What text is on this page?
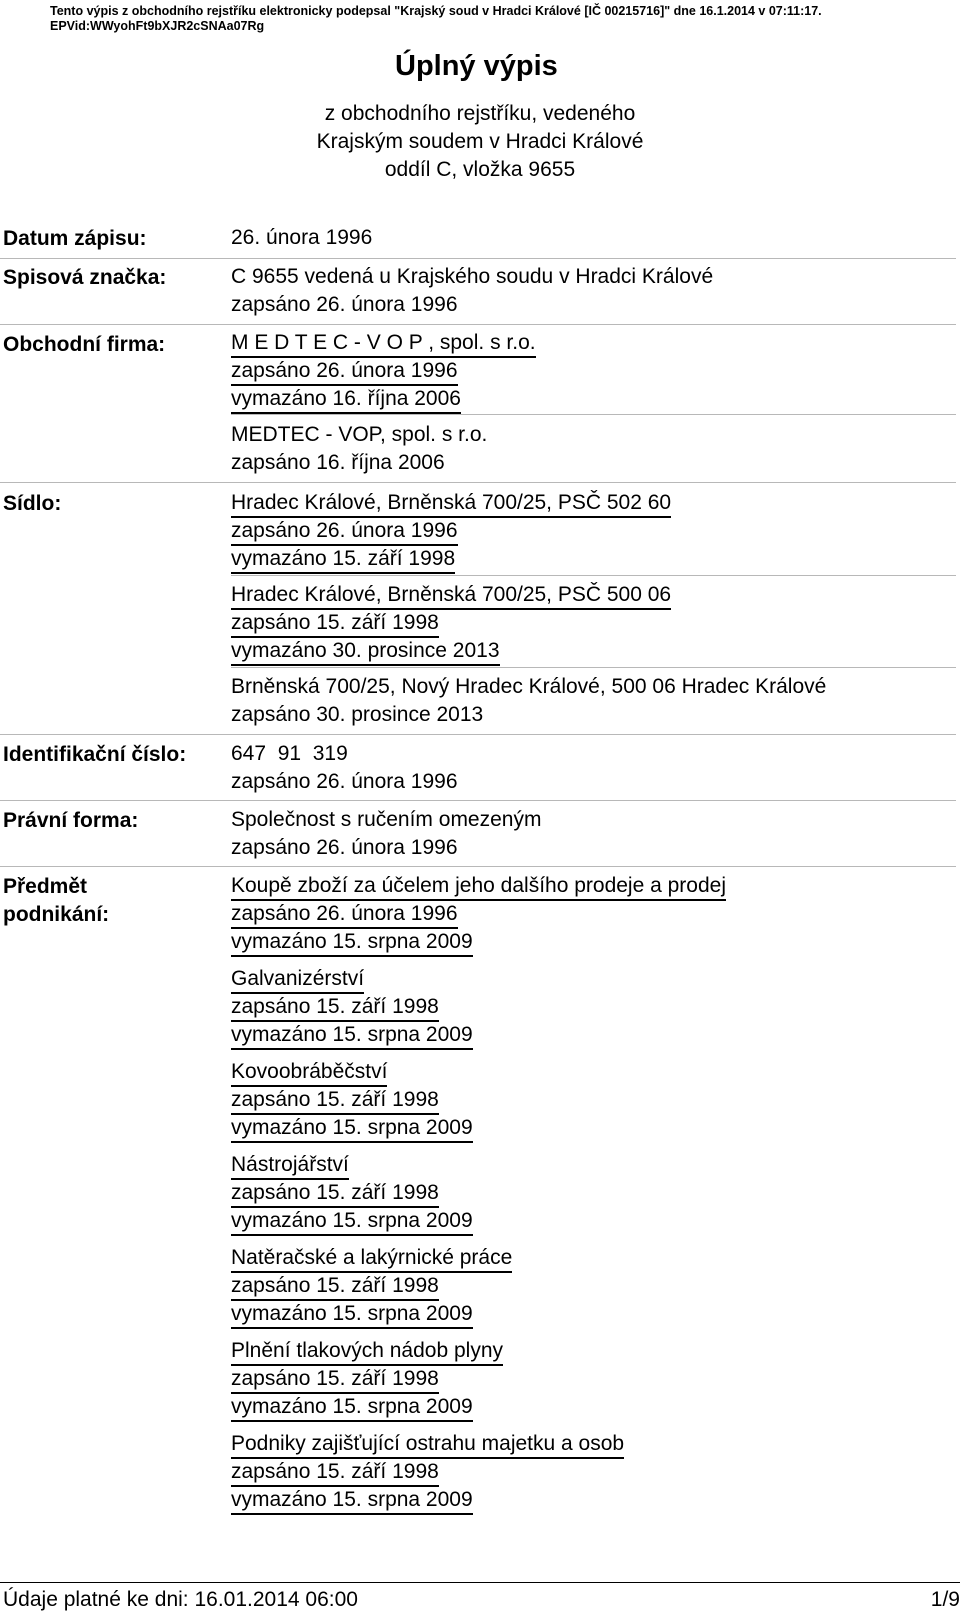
Tento výpis z obchodního rejstříku elektronicky podepsal "Krajský soud v Hradci Králové [IČ 00215716]" dne 16.1.2014 v 07:11:17.
EPVid:WWyohFt9bXJR2cSNAa07Rg
Úplný výpis
z obchodního rejstříku, vedeného
Krajským soudem v Hradci Králové
oddíl C, vložka 9655
Datum zápisu:	26. února 1996
Spisová značka:	C 9655 vedená u Krajského soudu v Hradci Králové
zapsáno 26. února 1996
Obchodní firma:	M E D T E C - V O P , spol. s r.o.
zapsáno 26. února 1996
vymazáno 16. října 2006
MEDTEC - VOP, spol. s r.o.
zapsáno 16. října 2006
Sídlo:	Hradec Králové, Brněnská 700/25, PSČ 502 60
zapsáno 26. února 1996
vymazáno 15. září 1998
Hradec Králové, Brněnská 700/25, PSČ 500 06
zapsáno 15. září 1998
vymazáno 30. prosince 2013
Brněnská 700/25, Nový Hradec Králové, 500 06 Hradec Králové
zapsáno 30. prosince 2013
Identifikační číslo: 647  91  319
zapsáno 26. února 1996
Právní forma:	Společnost s ručením omezeným
zapsáno 26. února 1996
Předmět
podnikání:
Koupě zboží za účelem jeho dalšího prodeje a prodej
zapsáno 26. února 1996
vymazáno 15. srpna 2009
Galvanizérství
zapsáno 15. září 1998
vymazáno 15. srpna 2009
Kovoobráběčství
zapsáno 15. září 1998
vymazáno 15. srpna 2009
Nástrojářství
zapsáno 15. září 1998
vymazáno 15. srpna 2009
Natěračské a lakýrnické práce
zapsáno 15. září 1998
vymazáno 15. srpna 2009
Plnění tlakových nádob plyny
zapsáno 15. září 1998
vymazáno 15. srpna 2009
Podniky zajišťující ostrahu majetku a osob
zapsáno 15. září 1998
vymazáno 15. srpna 2009
Údaje platné ke dni: 16.01.2014 06:00	1/9
